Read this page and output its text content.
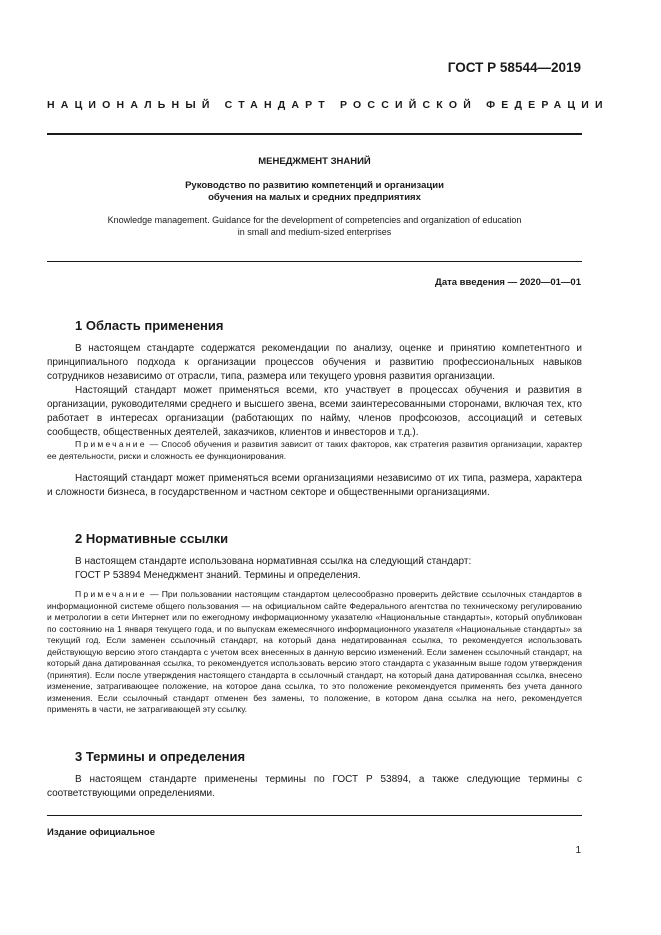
ГОСТ Р 58544—2019
НАЦИОНАЛЬНЫЙ СТАНДАРТ РОССИЙСКОЙ ФЕДЕРАЦИИ
МЕНЕДЖМЕНТ ЗНАНИЙ
Руководство по развитию компетенций и организации
обучения на малых и средних предприятиях
Knowledge management. Guidance for the development of competencies and organization of education
in small and medium-sized enterprises
Дата введения — 2020—01—01
1 Область применения

В настоящем стандарте содержатся рекомендации по анализу, оценке и принятию компетентного и принципиального подхода к организации процессов обучения и развитию профессиональных навыков сотрудников независимо от отрасли, типа, размера или текущего уровня развития организации.

Настоящий стандарт может применяться всеми, кто участвует в процессах обучения и развития в организации, руководителями среднего и высшего звена, всеми заинтересованными сторонами, включая тех, кто работает в интересах организации (работающих по найму, членов профсоюзов, ассоциаций и сетевых сообществ, общественных деятелей, заказчиков, клиентов и инвесторов и т.д.).

Примечание — Способ обучения и развития зависит от таких факторов, как стратегия развития организации, характер ее деятельности, риски и сложность ее функционирования.

Настоящий стандарт может применяться всеми организациями независимо от их типа, размера, характера и сложности бизнеса, в государственном и частном секторе и общественными организациями.

2 Нормативные ссылки

В настоящем стандарте использована нормативная ссылка на следующий стандарт:

ГОСТ Р 53894 Менеджмент знаний. Термины и определения.

Примечание — При пользовании настоящим стандартом целесообразно проверить действие ссылочных стандартов в информационной системе общего пользования — на официальном сайте Федерального агентства по техническому регулированию и метрологии в сети Интернет или по ежегодному информационному указателю «Национальные стандарты», который опубликован по состоянию на 1 января текущего года, и по выпускам ежемесячного информационного указателя «Национальные стандарты» за текущий год. Если заменен ссылочный стандарт, на который дана недатированная ссылка, то рекомендуется использовать действующую версию этого стандарта с учетом всех внесенных в данную версию изменений. Если заменен ссылочный стандарт, на который дана датированная ссылка, то рекомендуется использовать версию этого стандарта с указанным выше годом утверждения (принятия). Если после утверждения настоящего стандарта в ссылочный стандарт, на который дана датированная ссылка, внесено изменение, затрагивающее положение, на которое дана ссылка, то это положение рекомендуется применять без учета данного изменения. Если ссылочный стандарт отменен без замены, то положение, в котором дана ссылка на него, рекомендуется применять в части, не затрагивающей эту ссылку.

3 Термины и определения

В настоящем стандарте применены термины по ГОСТ Р 53894, а также следующие термины с соответствующими определениями.

Издание официальное
1
